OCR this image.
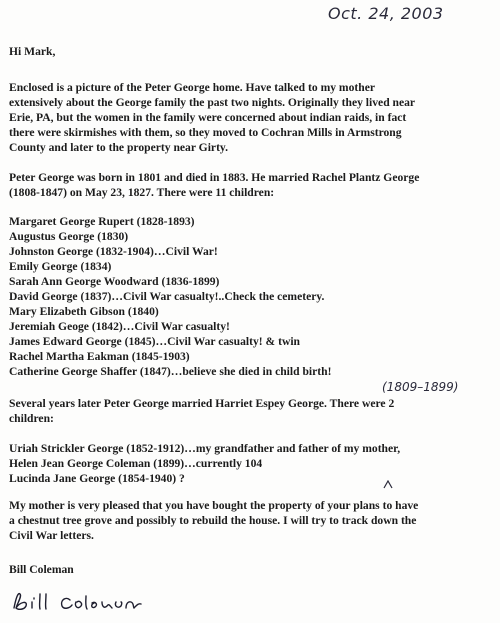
Oct. 24, 2003
Hi Mark,
Enclosed is a picture of the Peter George home. Have talked to my mother
extensively about the George family the past two nights. Originally they lived near
Erie, PA, but the women in the family were concerned about indian raids, in fact
there were skirmishes with them, so they moved to Cochran Mills in Armstrong
County and later to the property near Girty.
Peter George was born in 1801 and died in 1883. He married Rachel Plantz George
(1808-1847) on May 23, 1827. There were 11 children:
Margaret George Rupert (1828-1893)
Augustus George (1830)
Johnston George (1832-1904)…Civil War!
Emily George (1834)
Sarah Ann George Woodward (1836-1899)
David George (1837)…Civil War casualty!..Check the cemetery.
Mary Elizabeth Gibson (1840)
Jeremiah Geoge (1842)…Civil War casualty!
James Edward George (1845)…Civil War casualty! & twin
Rachel Martha Eakman (1845-1903)
Catherine George Shaffer (1847)…believe she died in child birth!
(1809–1899)
Several years later Peter George married Harriet Espey George. There were 2
children:
Uriah Strickler George (1852-1912)…my grandfather and father of my mother,
Helen Jean George Coleman (1899)…currently 104
Lucinda Jane George (1854-1940) ?
My mother is very pleased that you have bought the property of your plans to have
a chestnut tree grove and possibly to rebuild the house. I will try to track down the
Civil War letters.
Bill Coleman
